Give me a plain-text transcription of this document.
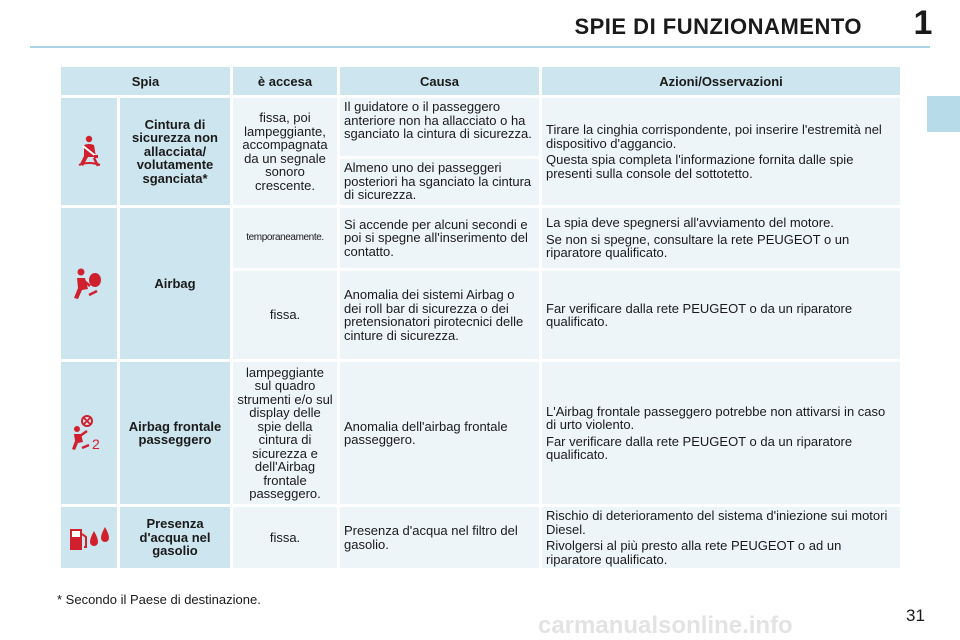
SPIE DI FUNZIONAMENTO	1
Spia		è accesa	Causa	Azioni/Osservazioni
	Cintura di sicurezza non allacciata/ volutamente sganciata*	fissa, poi lampeggiante, accompagnata da un segnale sonoro crescente.	Il guidatore o il passeggero anteriore non ha allacciato o ha sganciato la cintura di sicurezza.	Tirare la cinghia corrispondente, poi inserire l'estremità nel dispositivo d'aggancio.

Questa spia completa l'informazione fornita dalle spie presenti sulla console del sottotetto.

			Almeno uno dei passeggeri posteriori ha sganciato la cintura di sicurezza.	
	Airbag	temporaneamente.	Si accende per alcuni secondi e poi si spegne all'inserimento del contatto.	La spia deve spegnersi all'avviamento del motore.

Se non si spegne, consultare la rete PEUGEOT o un riparatore qualificato.

		fissa.	Anomalia dei sistemi Airbag o dei roll bar di sicurezza o dei pretensionatori pirotecnici delle cinture di sicurezza.	Far verificare dalla rete PEUGEOT o da un riparatore qualificato.

2	Airbag frontale passeggero	lampeggiante sul quadro strumenti e/o sul display delle spie della cintura di sicurezza e dell'Airbag frontale passeggero.	Anomalia dell'airbag frontale passeggero.	L'Airbag frontale passeggero potrebbe non attivarsi in caso di urto violento.

Far verificare dalla rete PEUGEOT o da un riparatore qualificato.

	Presenza d'acqua nel gasolio	fissa.	Presenza d'acqua nel filtro del gasolio.	Rischio di deterioramento del sistema d'iniezione sui motori Diesel.

Rivolgersi al più presto alla rete PEUGEOT o ad un riparatore qualificato.

* Secondo il Paese di destinazione.
carmanualsonline.info	31
